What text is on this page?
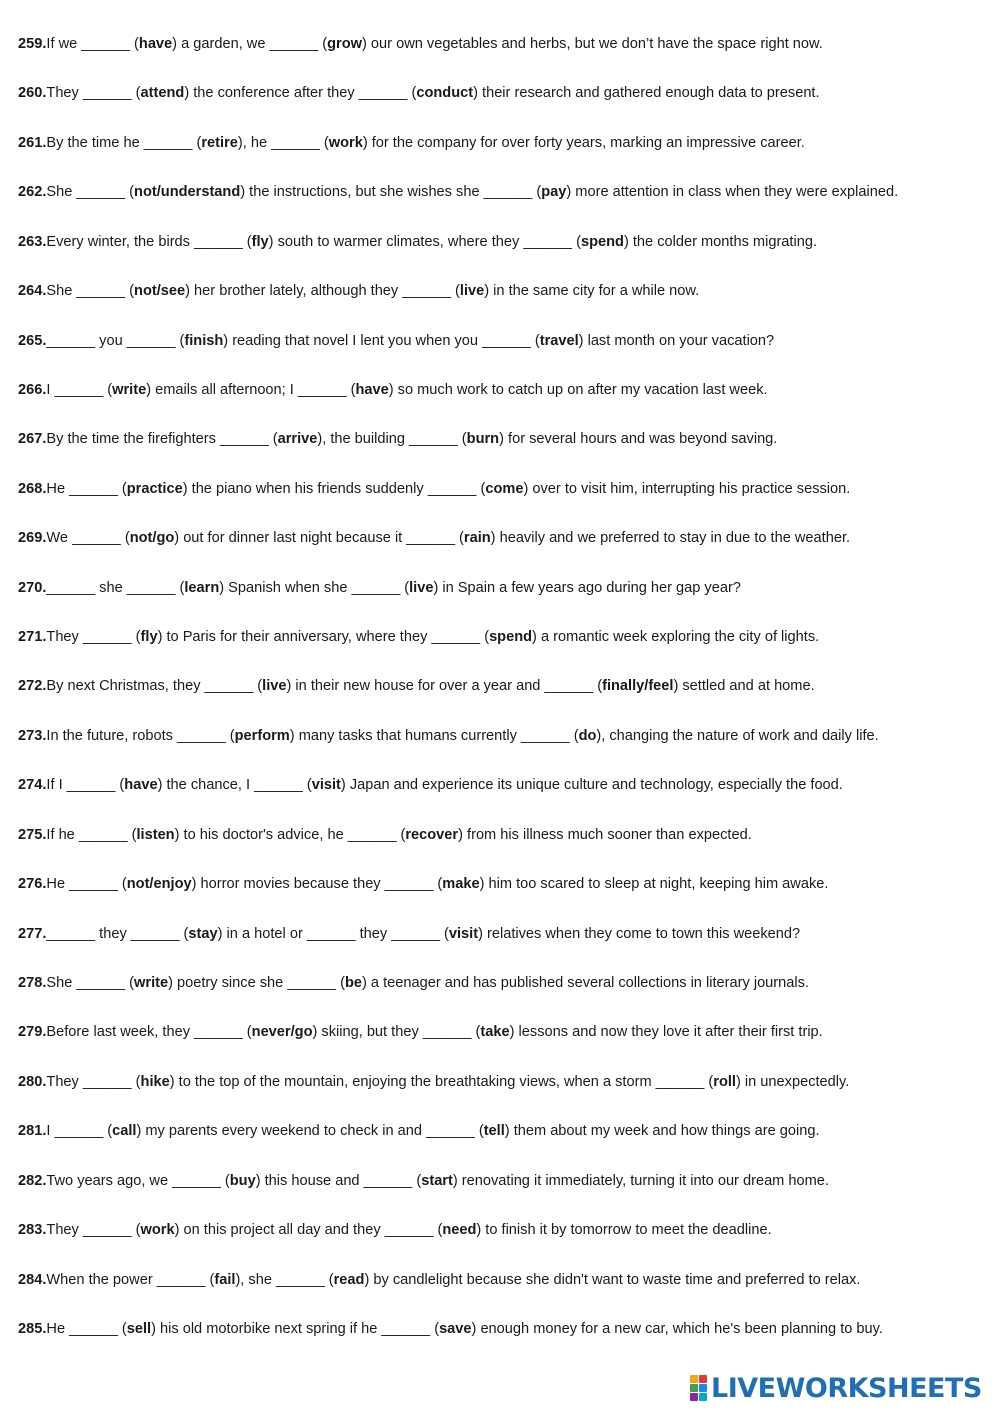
259.If we ______ (have) a garden, we ______ (grow) our own vegetables and herbs, but we don’t have the space right now.
260.They ______ (attend) the conference after they ______ (conduct) their research and gathered enough data to present.
261.By the time he ______ (retire), he ______ (work) for the company for over forty years, marking an impressive career.
262.She ______ (not/understand) the instructions, but she wishes she ______ (pay) more attention in class when they were explained.
263.Every winter, the birds ______ (fly) south to warmer climates, where they ______ (spend) the colder months migrating.
264.She ______ (not/see) her brother lately, although they ______ (live) in the same city for a while now.
265.______ you ______ (finish) reading that novel I lent you when you ______ (travel) last month on your vacation?
266.I ______ (write) emails all afternoon; I ______ (have) so much work to catch up on after my vacation last week.
267.By the time the firefighters ______ (arrive), the building ______ (burn) for several hours and was beyond saving.
268.He ______ (practice) the piano when his friends suddenly ______ (come) over to visit him, interrupting his practice session.
269.We ______ (not/go) out for dinner last night because it ______ (rain) heavily and we preferred to stay in due to the weather.
270.______ she ______ (learn) Spanish when she ______ (live) in Spain a few years ago during her gap year?
271.They ______ (fly) to Paris for their anniversary, where they ______ (spend) a romantic week exploring the city of lights.
272.By next Christmas, they ______ (live) in their new house for over a year and ______ (finally/feel) settled and at home.
273.In the future, robots ______ (perform) many tasks that humans currently ______ (do), changing the nature of work and daily life.
274.If I ______ (have) the chance, I ______ (visit) Japan and experience its unique culture and technology, especially the food.
275.If he ______ (listen) to his doctor's advice, he ______ (recover) from his illness much sooner than expected.
276.He ______ (not/enjoy) horror movies because they ______ (make) him too scared to sleep at night, keeping him awake.
277.______ they ______ (stay) in a hotel or ______ they ______ (visit) relatives when they come to town this weekend?
278.She ______ (write) poetry since she ______ (be) a teenager and has published several collections in literary journals.
279.Before last week, they ______ (never/go) skiing, but they ______ (take) lessons and now they love it after their first trip.
280.They ______ (hike) to the top of the mountain, enjoying the breathtaking views, when a storm ______ (roll) in unexpectedly.
281.I ______ (call) my parents every weekend to check in and ______ (tell) them about my week and how things are going.
282.Two years ago, we ______ (buy) this house and ______ (start) renovating it immediately, turning it into our dream home.
283.They ______ (work) on this project all day and they ______ (need) to finish it by tomorrow to meet the deadline.
284.When the power ______ (fail), she ______ (read) by candlelight because she didn't want to waste time and preferred to relax.
285.He ______ (sell) his old motorbike next spring if he ______ (save) enough money for a new car, which he's been planning to buy.
LIVEWORKSHEETS
